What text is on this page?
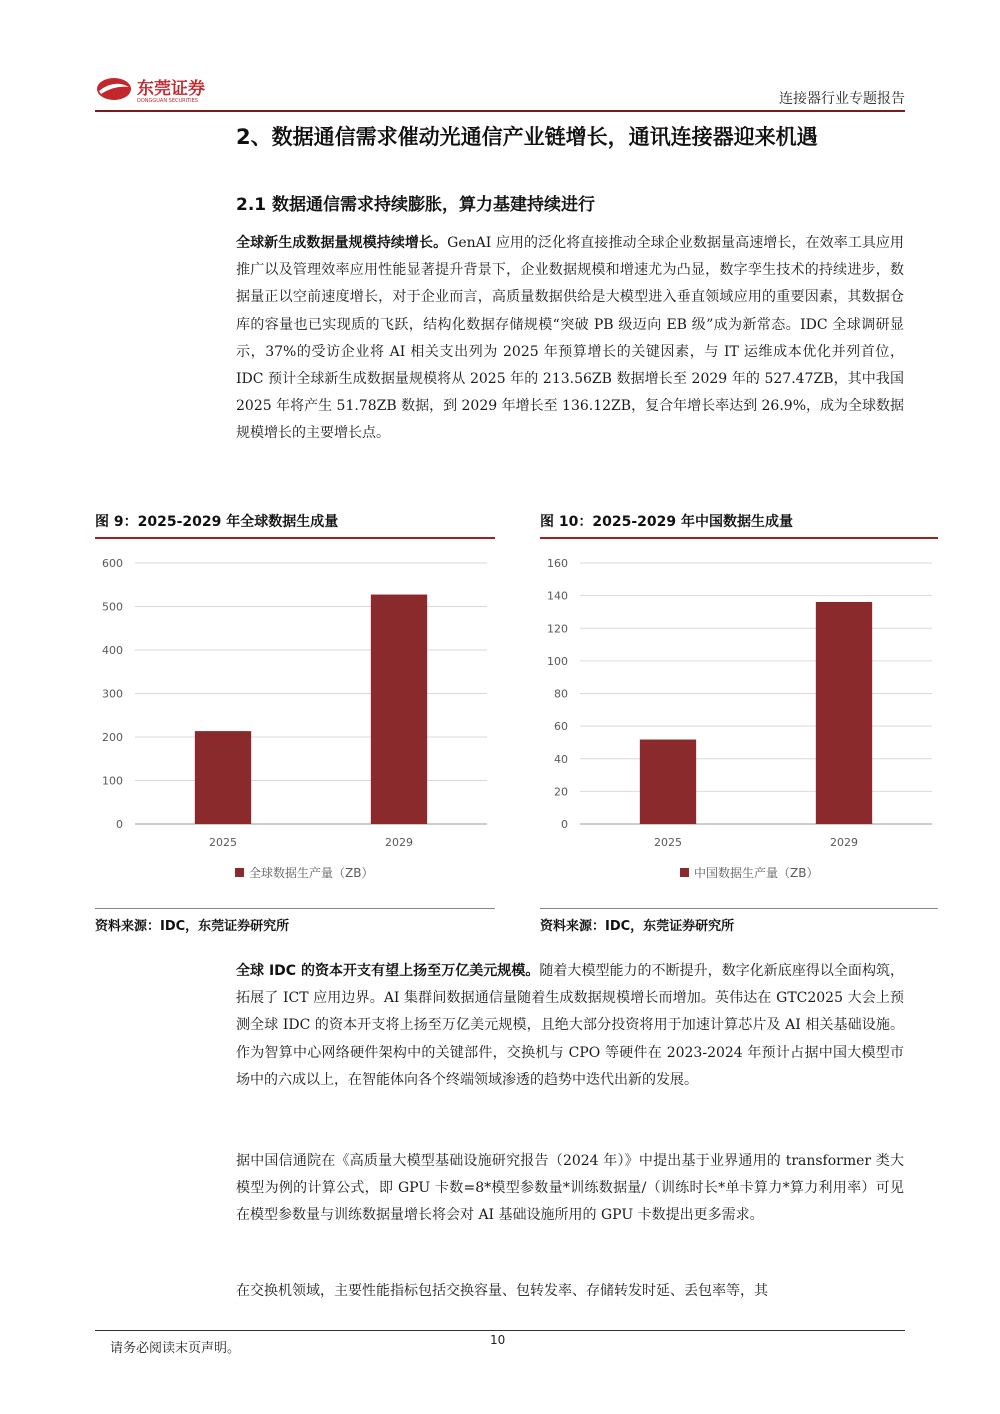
东莞证券
DONGGUAN SECURITIES	连接器行业专题报告
2、数据通信需求催动光通信产业链增长，通讯连接器迎来机遇
2.1 数据通信需求持续膨胀，算力基建持续进行

全球新生成数据量规模持续增长。GenAI 应用的泛化将直接推动全球企业数据量高速增长，在效率工具应用推广以及管理效率应用性能显著提升背景下，企业数据规模和增速尤为凸显，数字孪生技术的持续进步，数据量正以空前速度增长，对于企业而言，高质量数据供给是大模型进入垂直领域应用的重要因素，其数据仓库的容量也已实现质的飞跃，结构化数据存储规模“突破 PB 级迈向 EB 级”成为新常态。IDC 全球调研显示，37%的受访企业将 AI 相关支出列为 2025 年预算增长的关键因素，与 IT 运维成本优化并列首位，IDC 预计全球新生成数据量规模将从 2025 年的 213.56ZB 数据增长至 2029 年的 527.47ZB，其中我国 2025 年将产生 51.78ZB 数据，到 2029 年增长至 136.12ZB，复合年增长率达到 26.9%，成为全球数据规模增长的主要增长点。

图 9：2025-2029 年全球数据生成量
0
100
200
300
400
500
600
2025	2029
全球数据生产量（ZB）
资料来源：IDC，东莞证券研究所
图 10：2025-2029 年中国数据生成量
0
20
40
60
80
100
120
140
160
2025	2029
中国数据生产量（ZB）
资料来源：IDC，东莞证券研究所

全球 IDC 的资本开支有望上扬至万亿美元规模。随着大模型能力的不断提升，数字化新底座得以全面构筑，拓展了 ICT 应用边界。AI 集群间数据通信量随着生成数据规模增长而增加。英伟达在 GTC2025 大会上预测全球 IDC 的资本开支将上扬至万亿美元规模，且绝大部分投资将用于加速计算芯片及 AI 相关基础设施。作为智算中心网络硬件架构中的关键部件，交换机与 CPO 等硬件在 2023-2024 年预计占据中国大模型市场中的六成以上，在智能体向各个终端领域渗透的趋势中迭代出新的发展。

据中国信通院在《高质量大模型基础设施研究报告（2024 年）》中提出基于业界通用的 transformer 类大模型为例的计算公式，即 GPU 卡数=8*模型参数量*训练数据量/（训练时长*单卡算力*算力利用率）可见在模型参数量与训练数据量增长将会对 AI 基础设施所用的 GPU 卡数提出更多需求。

在交换机领域，主要性能指标包括交换容量、包转发率、存储转发时延、丢包率等，其

10
请务必阅读末页声明。
